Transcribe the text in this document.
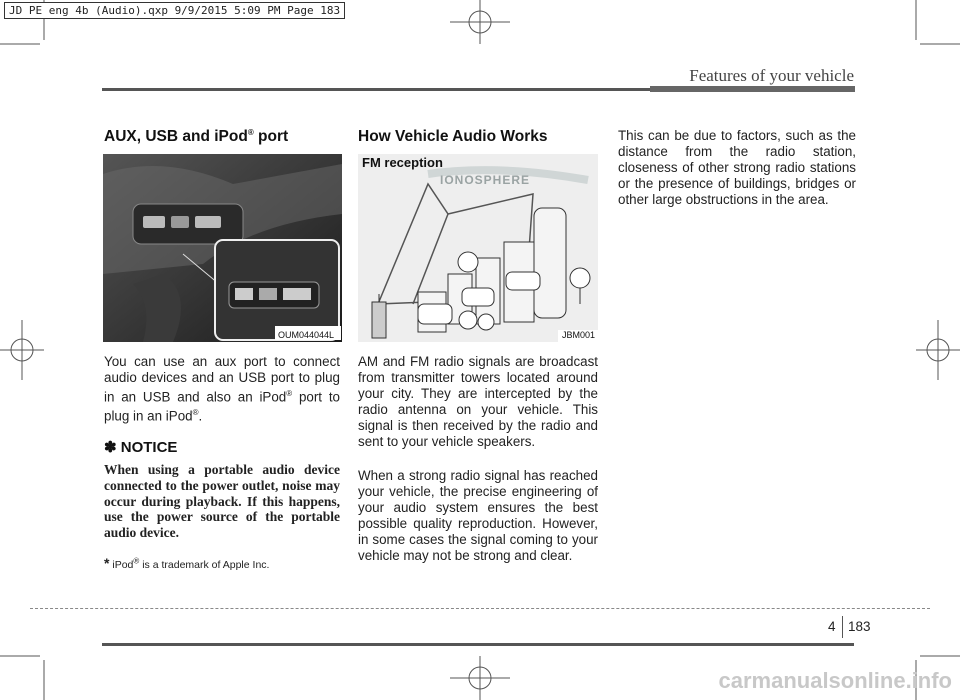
JD PE eng 4b (Audio).qxp 9/9/2015 5:09 PM Page 183
Features of your vehicle
AUX, USB and iPod® port
OUM044044L

You can use an aux port to connect audio devices and an USB port to plug in an USB and also an iPod® port to plug in an iPod®.

✽ NOTICE

When using a portable audio device connected to the power outlet, noise may occur during playback. If this happens, use the power source of the portable audio device.

* iPod® is a trademark of Apple Inc.
How Vehicle Audio Works
FM reception
IONOSPHERE
JBM001

AM and FM radio signals are broadcast from transmitter towers located around your city. They are intercepted by the radio antenna on your vehicle. This signal is then received by the radio and sent to your vehicle speakers.

When a strong radio signal has reached your vehicle, the precise engineering of your audio system ensures the best possible quality reproduction. However, in some cases the signal coming to your vehicle may not be strong and clear.

This can be due to factors, such as the distance from the radio station, closeness of other strong radio stations or the presence of buildings, bridges or other large obstructions in the area.

4 183
carmanualsonline.info
